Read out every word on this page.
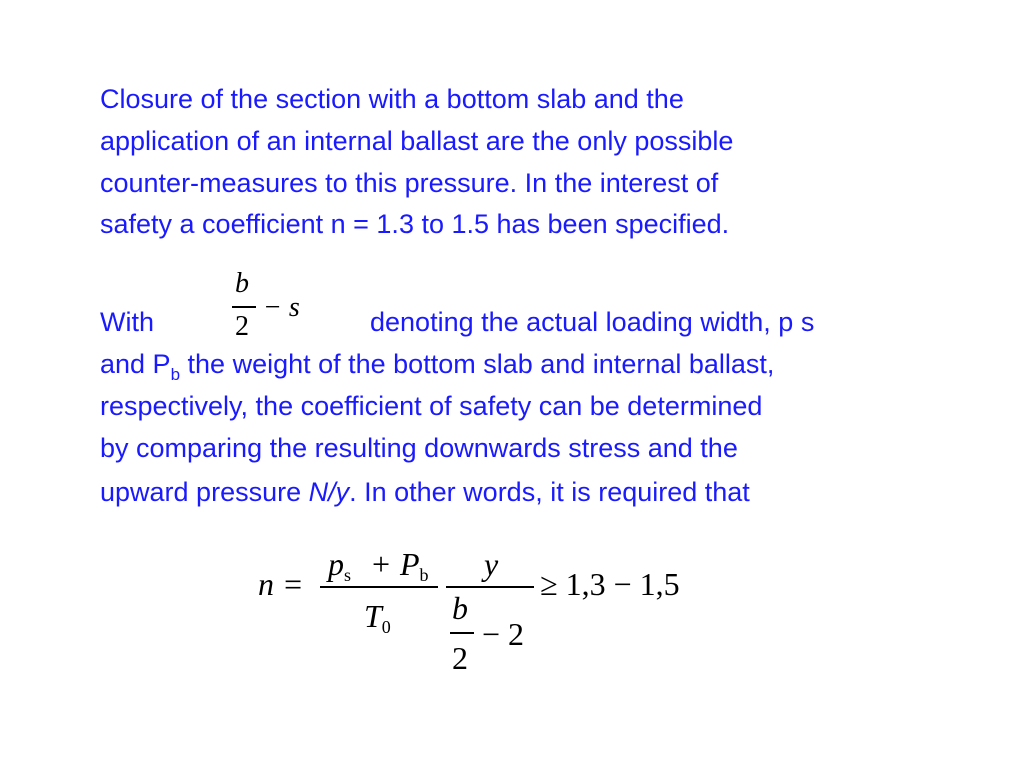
Closure of the section with a bottom slab and the
application of an internal ballast are the only possible
counter-measures to this pressure. In the interest of
safety a coefficient n = 1.3 to 1.5 has been specified.
With
b
2
− s	denoting the actual loading width, p s
and $P_b$ the weight of the bottom slab and internal ballast,
respectively, the coefficient of safety can be determined
by comparing the resulting downwards stress and the
upward pressure N/y. In other words, it is required that
n =
ps + Pb
T0
y
b
2
− 2
≥ 1,3 − 1,5
